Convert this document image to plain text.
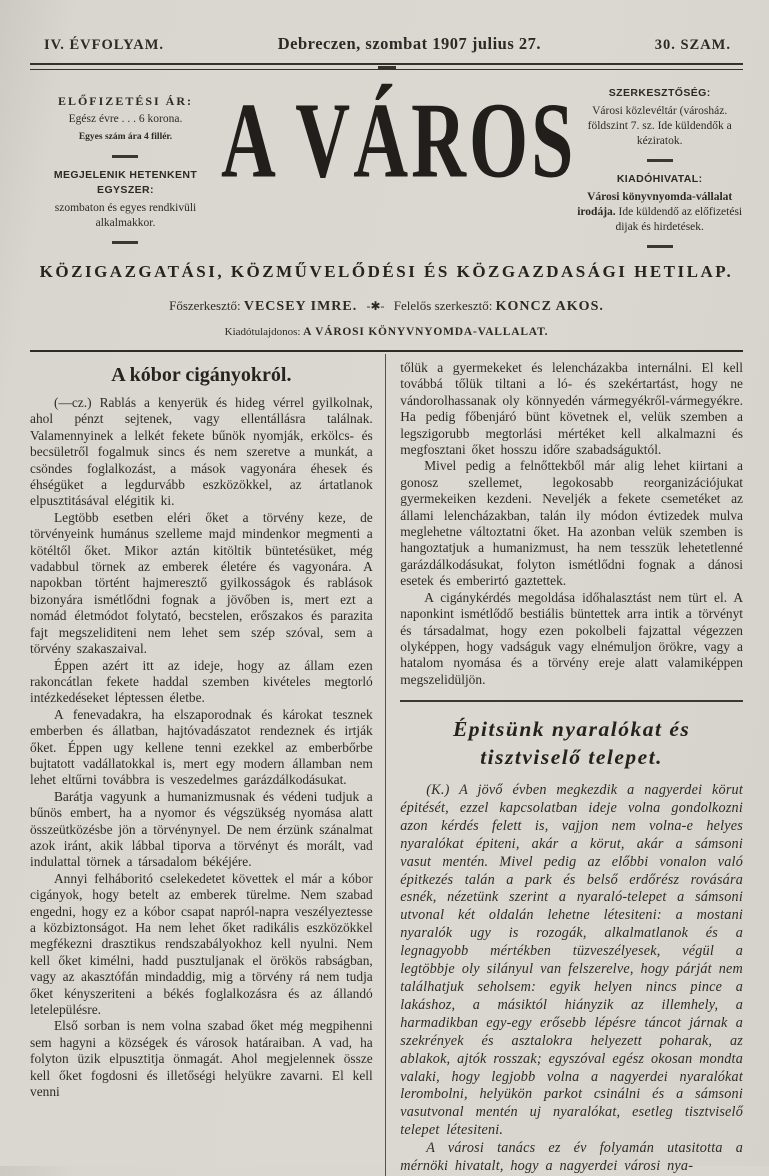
IV. ÉVFOLYAM.	Debreczen, szombat 1907 julius 27.	30. SZAM.
ELŐFIZETÉSI ÁR:
Egész évre . . . 6 korona.
Egyes szám ára 4 fillér.
MEGJELENIK HETENKENT EGYSZER:
szombaton és egyes rendkivüli alkalmakkor.
A VÁROS	SZERKESZTŐSÉG:
Városi közlevéltár (városház. földszint 7. sz. Ide küldendők a kéziratok.
KIADÓHIVATAL:
Városi könyvnyomda-vállalat irodája. Ide küldendő az előfizetési dijak és hirdetések.
KÖZIGAZGATÁSI, KÖZMŰVELŐDÉSI ÉS KÖZGAZDASÁGI HETILAP.
Főszerkesztő: VECSEY IMRE. -✱- Felelős szerkesztő: KONCZ AKOS.
Kiadótulajdonos: A VÁROSI KÖNYVNYOMDA-VALLALAT.
A kóbor cigányokról.

(—cz.) Rablás a kenyerük és hideg vérrel gyilkolnak, ahol pénzt sejtenek, vagy ellentállásra találnak. Valamennyinek a lelkét fekete bűnök nyomják, erkölcs- és becsületről fogalmuk sincs és nem szeretve a munkát, a csöndes foglalkozást, a mások vagyonára éhesek és éhségüket a legdurvább eszközökkel, az ártatlanok elpusztitásával elégitik ki.

Legtöbb esetben eléri őket a törvény keze, de törvényeink humánus szelleme majd mindenkor megmenti a kötéltől őket. Mikor aztán kitöltik büntetésüket, még vadabbul törnek az emberek életére és vagyonára. A napokban történt hajmeresztő gyilkosságok és rablások bizonyára ismétlődni fognak a jövőben is, mert ezt a nomád életmódot folytató, becstelen, erőszakos és parazita fajt megszeliditeni nem lehet sem szép szóval, sem a törvény szakaszaival.

Éppen azért itt az ideje, hogy az állam ezen rakoncátlan fekete haddal szemben kivételes megtorló intézkedéseket léptessen életbe.

A fenevadakra, ha elszaporodnak és károkat tesznek emberben és állatban, hajtóvadászatot rendeznek és irtják őket. Éppen ugy kellene tenni ezekkel az emberbőrbe bujtatott vadállatokkal is, mert egy modern államban nem lehet eltűrni továbbra is veszedelmes garázdálkodásukat.

Barátja vagyunk a humanizmusnak és védeni tudjuk a bűnös embert, ha a nyomor és végszükség nyomása alatt összeütközésbe jön a törvénynyel. De nem érzünk szánalmat azok iránt, akik lábbal tiporva a törvényt és morált, vad indulattal törnek a társadalom békéjére.

Annyi felháboritó cselekedetet követtek el már a kóbor cigányok, hogy betelt az emberek türelme. Nem szabad engedni, hogy ez a kóbor csapat napról-napra veszélyeztesse a közbiztonságot. Ha nem lehet őket radikális eszközökkel megfékezni drasztikus rendszabályokhoz kell nyulni. Nem kell őket kimélni, hadd pusztuljanak el örökös rabságban, vagy az akasztófán mindaddig, mig a törvény rá nem tudja őket kényszeriteni a békés foglalkozásra és az állandó letelepülésre.

Első sorban is nem volna szabad őket még megpihenni sem hagyni a községek és városok határaiban. A vad, ha folyton üzik elpusztitja önmagát. Ahol megjelennek össze kell őket fogdosni és illetőségi helyükre zavarni. El kell venni

tőlük a gyermekeket és lelencházakba internálni. El kell továbbá tőlük tiltani a ló- és szekértartást, hogy ne vándorolhassanak oly könnyedén vármegyékről-vármegyékre. Ha pedig főbenjáró bünt követnek el, velük szemben a legszigorubb megtorlási mértéket kell alkalmazni és megfosztani őket hosszu időre szabadságuktól.

Mivel pedig a felnőttekből már alig lehet kiirtani a gonosz szellemet, legokosabb reorganizációjukat gyermekeiken kezdeni. Neveljék a fekete csemetéket az állami lelencházakban, talán ily módon évtizedek mulva meglehetne változtatni őket. Ha azonban velük szemben is hangoztatjuk a humanizmust, ha nem tesszük lehetetlenné garázdálkodásukat, folyton ismétlődni fognak a dánosi esetek és emberirtó gaztettek.

A cigánykérdés megoldása időhalasztást nem türt el. A naponkint ismétlődő bestiális büntettek arra intik a törvényt és társadalmat, hogy ezen pokolbeli fajzattal végezzen olyképpen, hogy vadságuk vagy elnémuljon örökre, vagy a hatalom nyomása és a törvény ereje alatt valamiképpen megszelidüljön.

Épitsünk nyaralókat és tisztviselő telepet.

(K.) A jövő évben megkezdik a nagyerdei körut épitését, ezzel kapcsolatban ideje volna gondolkozni azon kérdés felett is, vajjon nem volna-e helyes nyaralókat épiteni, akár a körut, akár a sámsoni vasut mentén. Mivel pedig az előbbi vonalon való épitkezés talán a park és belső erdőrész rovására esnék, nézetünk szerint a nyaraló-telepet a sámsoni utvonal két oldalán lehetne létesiteni: a mostani nyaralók ugy is rozogák, alkalmatlanok és a legnagyobb mértékben tüzveszélyesek, végül a legtöbbje oly silányul van felszerelve, hogy párját nem találhatjuk seholsem: egyik helyen nincs pince a lakáshoz, a másiktól hiányzik az illemhely, a harmadikban egy-egy erősebb lépésre táncot járnak a szekrények és asztalokra helyezett poharak, az ablakok, ajtók rosszak; egyszóval egész okosan mondta valaki, hogy legjobb volna a nagyerdei nyaralókat lerombolni, helyükön parkot csinálni és a sámsoni vasutvonal mentén uj nyaralókat, esetleg tisztviselő telepet létesiteni.

A városi tanács ez év folyamán utasitotta a mérnöki hivatalt, hogy a nagyerdei városi nya-
